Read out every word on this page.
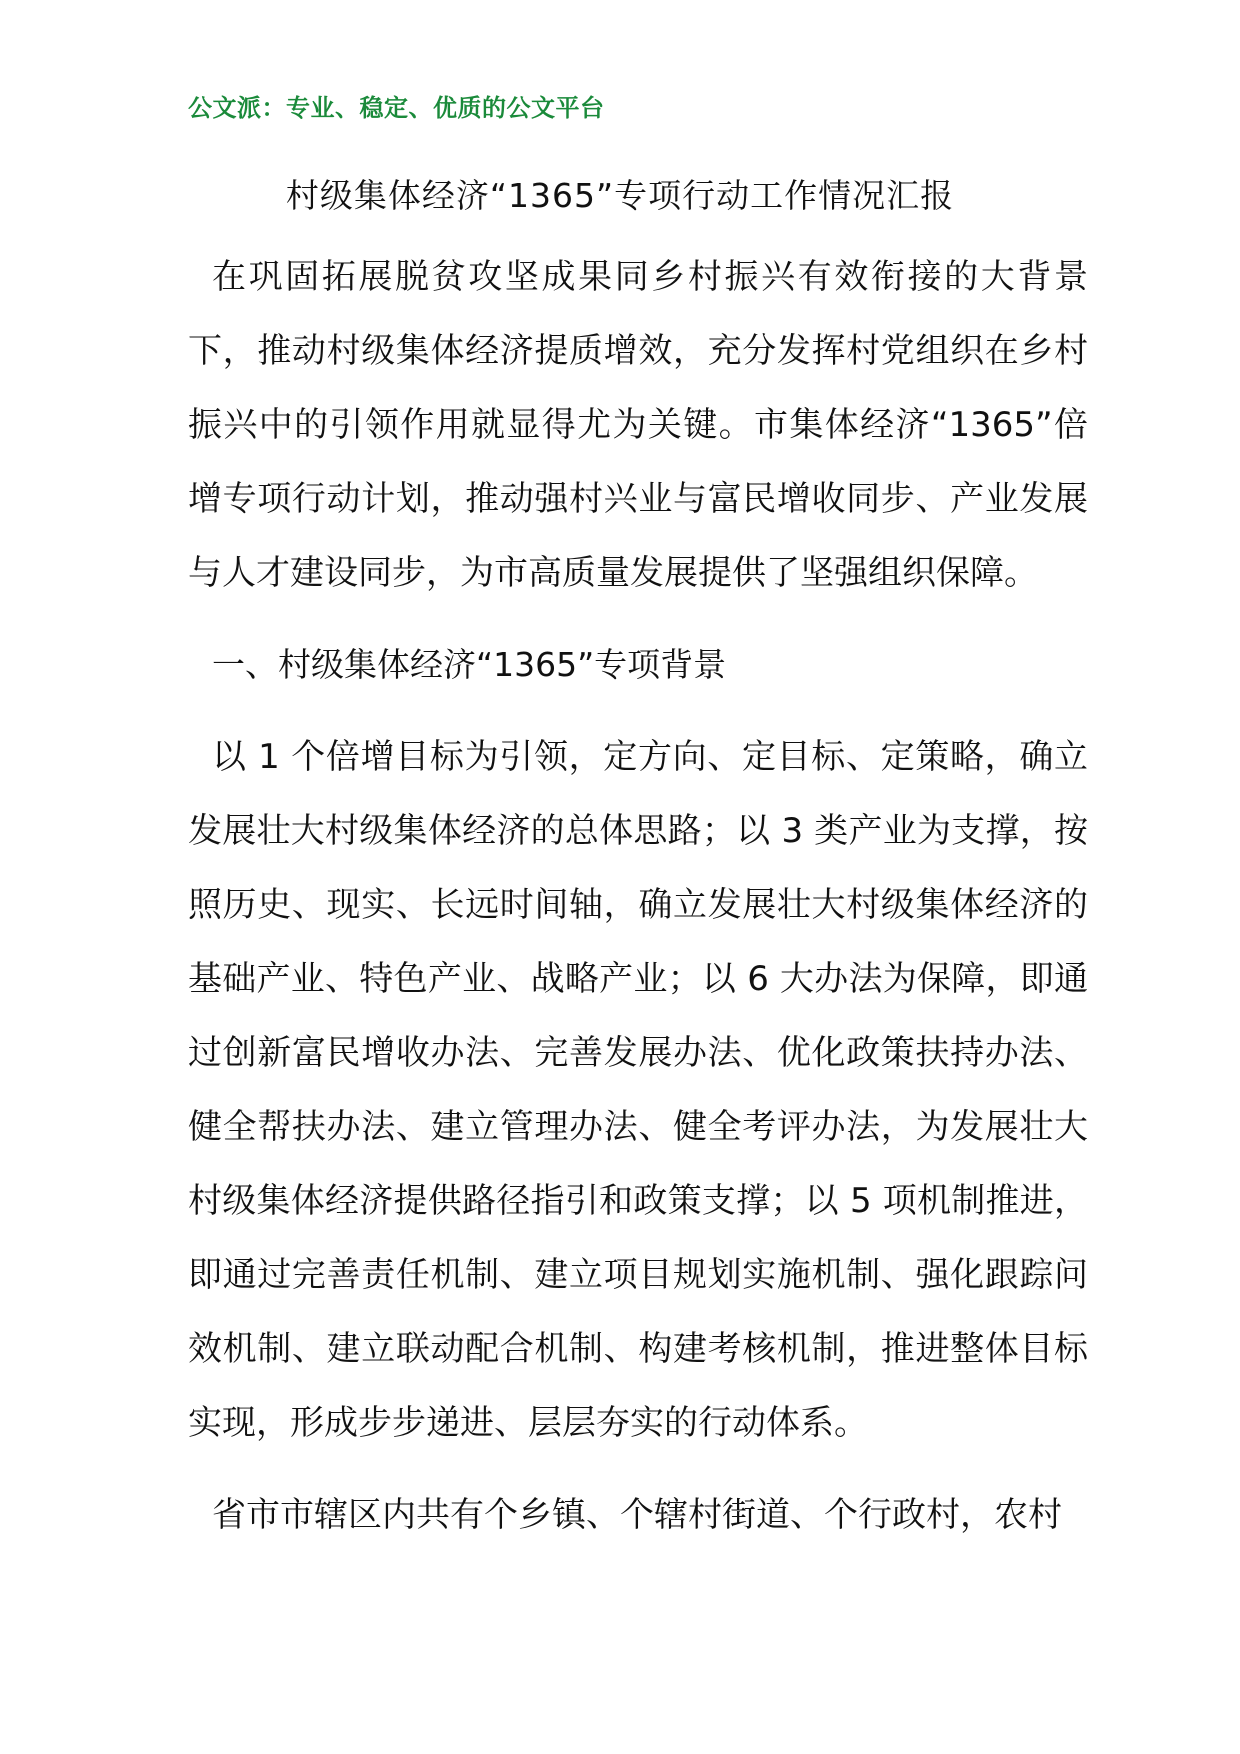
公文派：专业、稳定、优质的公文平台
村级集体经济“1365”专项行动工作情况汇报

在巩固拓展脱贫攻坚成果同乡村振兴有效衔接的大背景下，推动村级集体经济提质增效，充分发挥村党组织在乡村振兴中的引领作用就显得尤为关键。市集体经济“1365”倍增专项行动计划，推动强村兴业与富民增收同步、产业发展与人才建设同步，为市高质量发展提供了坚强组织保障。

一、村级集体经济“1365”专项背景

以 1 个倍增目标为引领，定方向、定目标、定策略，确立发展壮大村级集体经济的总体思路；以 3 类产业为支撑，按照历史、现实、长远时间轴，确立发展壮大村级集体经济的基础产业、特色产业、战略产业；以 6 大办法为保障，即通过创新富民增收办法、完善发展办法、优化政策扶持办法、健全帮扶办法、建立管理办法、健全考评办法，为发展壮大村级集体经济提供路径指引和政策支撑；以 5 项机制推进，即通过完善责任机制、建立项目规划实施机制、强化跟踪问效机制、建立联动配合机制、构建考核机制，推进整体目标实现，形成步步递进、层层夯实的行动体系。

省市市辖区内共有个乡镇、个辖村街道、个行政村，农村
